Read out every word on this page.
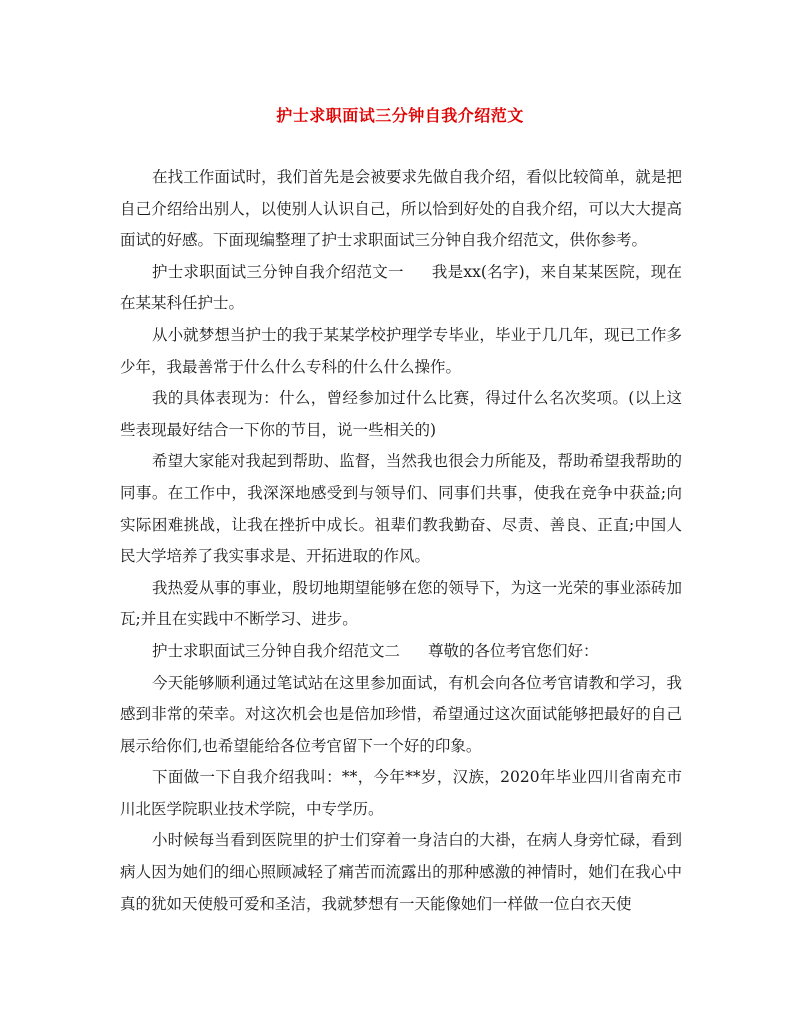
护士求职面试三分钟自我介绍范文

在找工作面试时，我们首先是会被要求先做自我介绍，看似比较简单，就是把自己介绍给出别人，以使别人认识自己，所以恰到好处的自我介绍，可以大大提高面试的好感。下面现编整理了护士求职面试三分钟自我介绍范文，供你参考。

护士求职面试三分钟自我介绍范文一 我是xx(名字)，来自某某医院，现在在某某科任护士。

从小就梦想当护士的我于某某学校护理学专毕业，毕业于几几年，现已工作多少年，我最善常于什么什么专科的什么什么操作。

我的具体表现为：什么，曾经参加过什么比赛，得过什么名次奖项。(以上这些表现最好结合一下你的节目，说一些相关的)

希望大家能对我起到帮助、监督，当然我也很会力所能及，帮助希望我帮助的同事。在工作中，我深深地感受到与领导们、同事们共事，使我在竞争中获益;向实际困难挑战，让我在挫折中成长。祖辈们教我勤奋、尽责、善良、正直;中国人民大学培养了我实事求是、开拓进取的作风。

我热爱从事的事业，殷切地期望能够在您的领导下，为这一光荣的事业添砖加瓦;并且在实践中不断学习、进步。

护士求职面试三分钟自我介绍范文二 尊敬的各位考官您们好：

今天能够顺利通过笔试站在这里参加面试，有机会向各位考官请教和学习，我感到非常的荣幸。对这次机会也是倍加珍惜，希望通过这次面试能够把最好的自己展示给你们,也希望能给各位考官留下一个好的印象。

下面做一下自我介绍我叫：**，今年**岁，汉族，2020年毕业四川省南充市川北医学院职业技术学院，中专学历。

小时候每当看到医院里的护士们穿着一身洁白的大褂，在病人身旁忙碌，看到病人因为她们的细心照顾减轻了痛苦而流露出的那种感激的神情时，她们在我心中真的犹如天使般可爱和圣洁，我就梦想有一天能像她们一样做一位白衣天使
